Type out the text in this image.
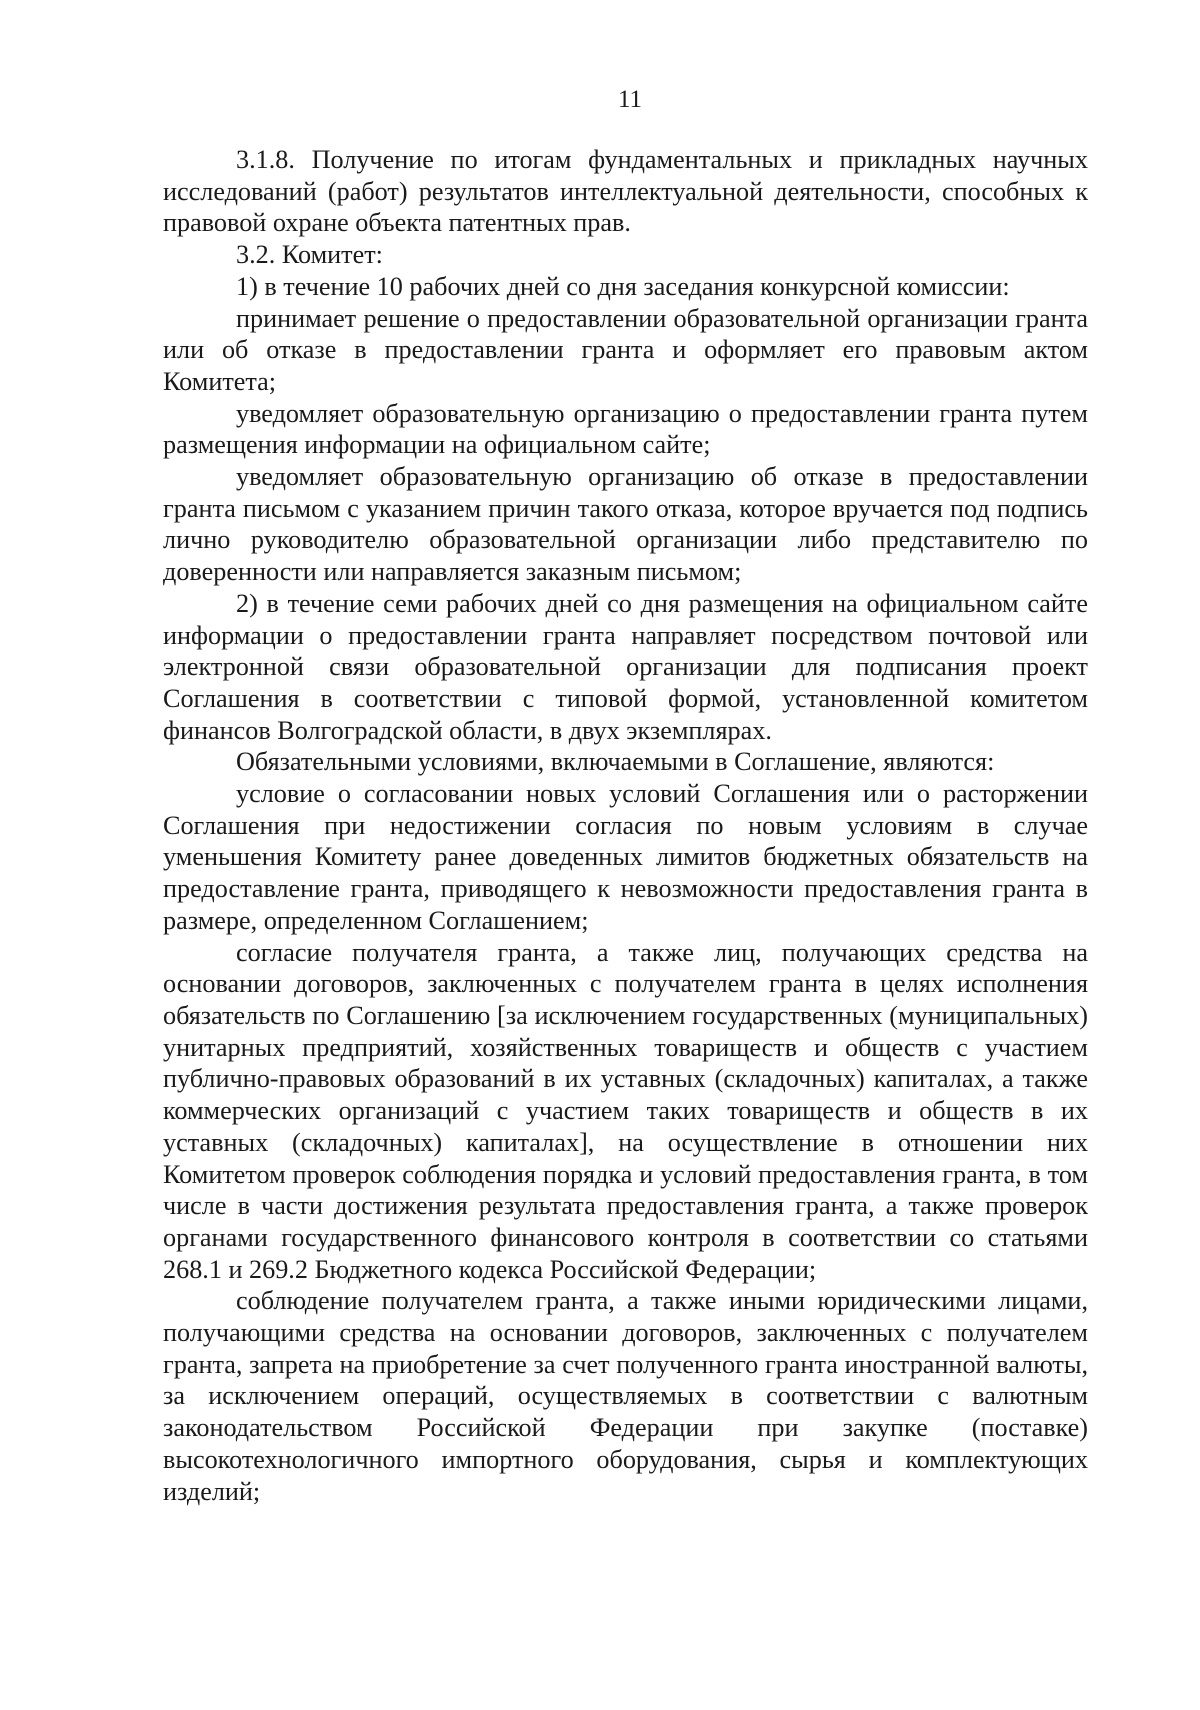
11

3.1.8. Получение по итогам фундаментальных и прикладных научных исследований (работ) результатов интеллектуальной деятельности, способных к правовой охране объекта патентных прав.

3.2. Комитет:

1) в течение 10 рабочих дней со дня заседания конкурсной комиссии:

принимает решение о предоставлении образовательной организации гранта или об отказе в предоставлении гранта и оформляет его правовым актом Комитета;

уведомляет образовательную организацию о предоставлении гранта путем размещения информации на официальном сайте;

уведомляет образовательную организацию об отказе в предоставлении гранта письмом с указанием причин такого отказа, которое вручается под подпись лично руководителю образовательной организации либо представителю по доверенности или направляется заказным письмом;

2) в течение семи рабочих дней со дня размещения на официальном сайте информации о предоставлении гранта направляет посредством почтовой или электронной связи образовательной организации для подписания проект Соглашения в соответствии с типовой формой, установленной комитетом финансов Волгоградской области, в двух экземплярах.

Обязательными условиями, включаемыми в Соглашение, являются:

условие о согласовании новых условий Соглашения или о расторжении Соглашения при недостижении согласия по новым условиям в случае уменьшения Комитету ранее доведенных лимитов бюджетных обязательств на предоставление гранта, приводящего к невозможности предоставления гранта в размере, определенном Соглашением;

согласие получателя гранта, а также лиц, получающих средства на основании договоров, заключенных с получателем гранта в целях исполнения обязательств по Соглашению [за исключением государственных (муниципальных) унитарных предприятий, хозяйственных товариществ и обществ с участием публично-правовых образований в их уставных (складочных) капиталах, а также коммерческих организаций с участием таких товариществ и обществ в их уставных (складочных) капиталах], на осуществление в отношении них Комитетом проверок соблюдения порядка и условий предоставления гранта, в том числе в части достижения результата предоставления гранта, а также проверок органами государственного финансового контроля в соответствии со статьями 268.1 и 269.2 Бюджетного кодекса Российской Федерации;

соблюдение получателем гранта, а также иными юридическими лицами, получающими средства на основании договоров, заключенных с получателем гранта, запрета на приобретение за счет полученного гранта иностранной валюты, за исключением операций, осуществляемых в соответствии с валютным законодательством Российской Федерации при закупке (поставке) высокотехнологичного импортного оборудования, сырья и комплектующих изделий;
